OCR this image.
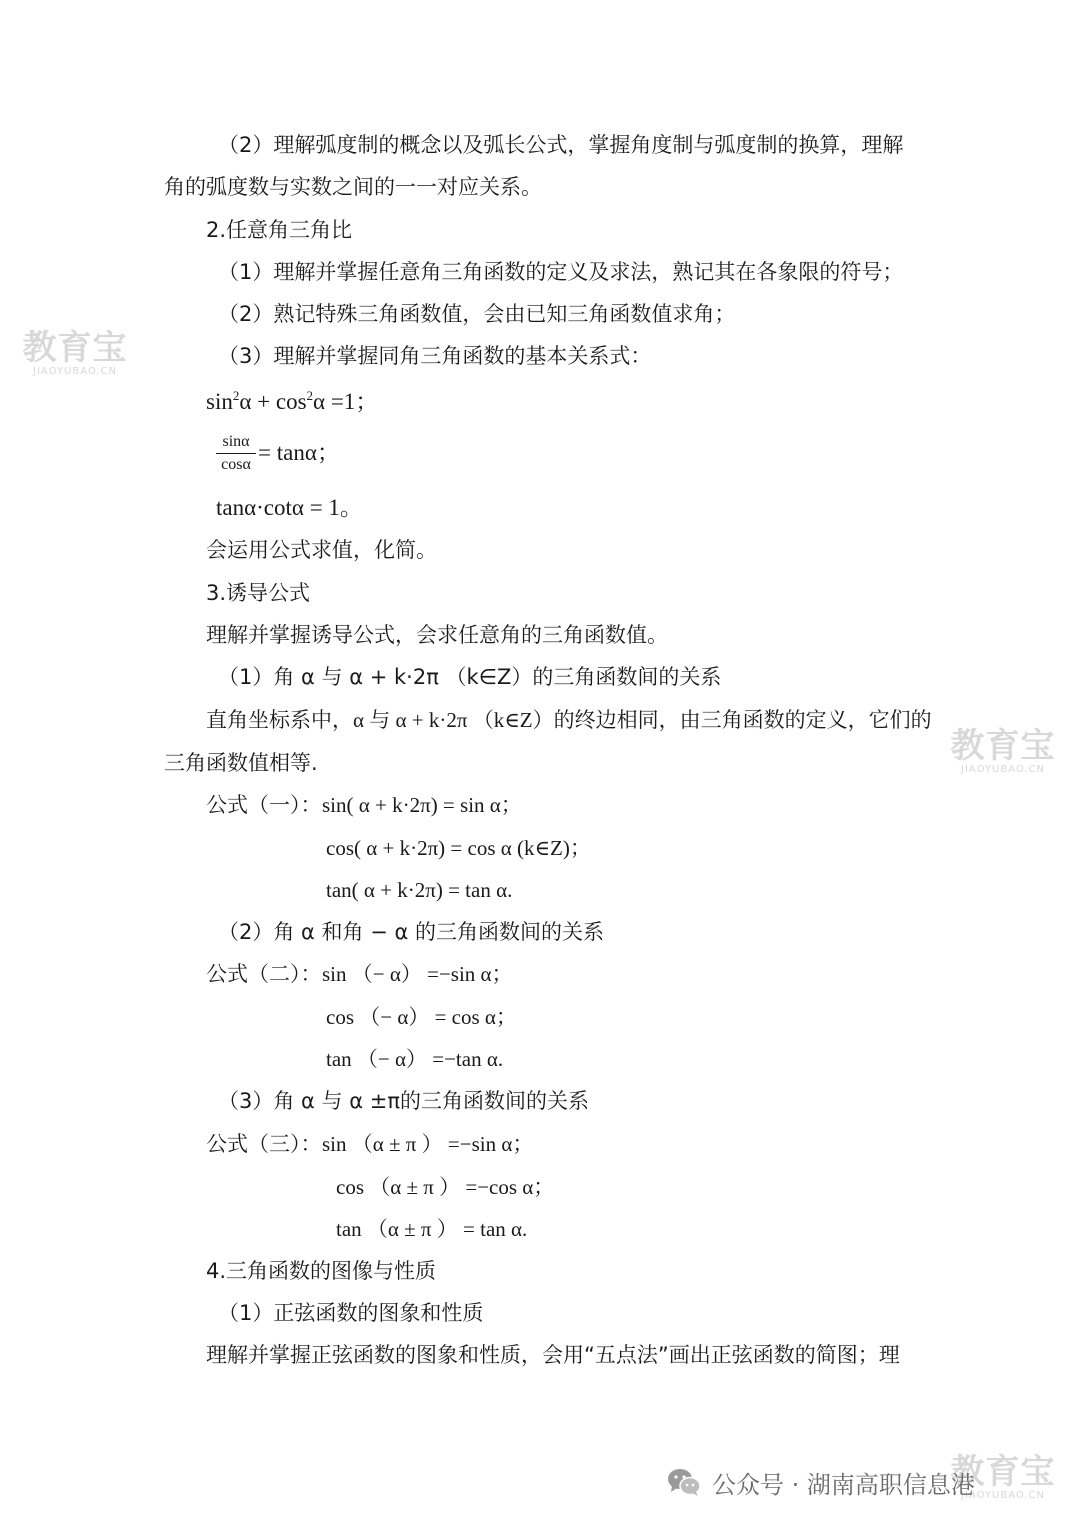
（2）理解弧度制的概念以及弧长公式，掌握角度制与弧度制的换算，理解
角的弧度数与实数之间的一一对应关系。
2.任意角三角比
（1）理解并掌握任意角三角函数的定义及求法，熟记其在各象限的符号；
（2）熟记特殊三角函数值，会由已知三角函数值求角；
（3）理解并掌握同角三角函数的基本关系式：
$\sin^2\alpha + \cos^2\alpha =1$；
sinα
cosα = tanα；
tanα·cotα = 1。
会运用公式求值，化简。
3.诱导公式
理解并掌握诱导公式，会求任意角的三角函数值。
（1）角 α 与 α + k·2π （k∈Z）的三角函数间的关系
直角坐标系中，α 与 α + k·2π （k∈Z）的终边相同，由三角函数的定义，它们的
三角函数值相等.
公式（一）： sin( α + k·2π) = sin α；
cos( α + k·2π) = cos α (k∈Z)；
tan( α + k·2π) = tan α.
（2）角 α 和角 − α 的三角函数间的关系
公式（二）： sin （− α） =−sin α；
cos （− α） = cos α；
tan （− α） =−tan α.
（3）角 α 与 α ±π的三角函数间的关系
公式（三）： sin （α ± π ） =−sin α；
cos （α ± π ） =−cos α；
tan （α ± π ） = tan α.
4.三角函数的图像与性质
（1）正弦函数的图象和性质
理解并掌握正弦函数的图象和性质，会用“五点法”画出正弦函数的简图；理
教育宝
JIAOYUBAO.CN
教育宝
JIAOYUBAO.CN
教育宝
JIAOYUBAO.CN
公众号 · 湖南高职信息港
